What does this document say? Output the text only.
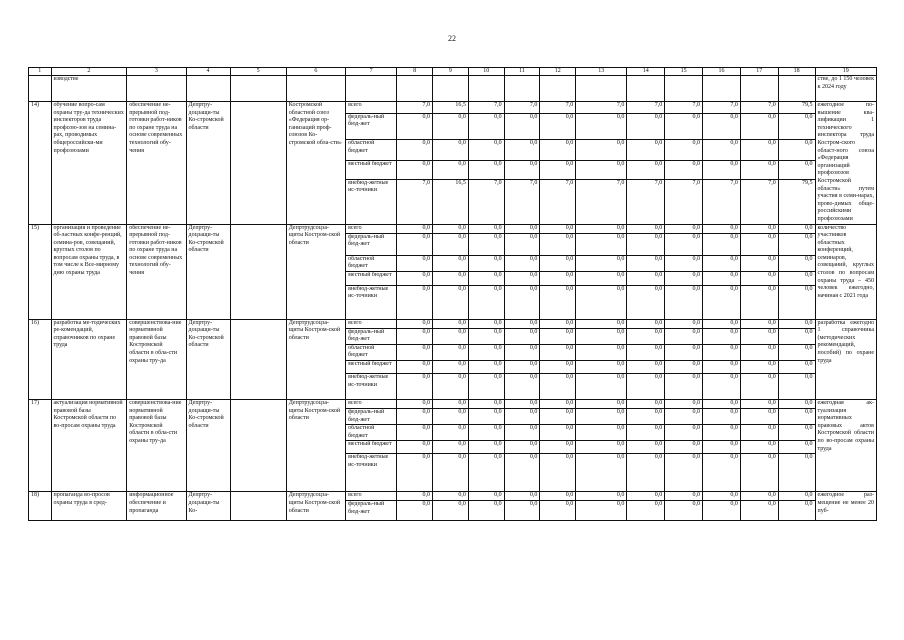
22
1	2	3	4	5	6	7	8	9	10	11	12	13	14	15	16	17	18	19
	изводстве																	стве, до 1 150 человек к 2024 году
14)	обучение вопро-сам охраны тру-да технических инспекторов труда профсою-зов на семина-рах, проводимых общероссийски-ми профсоюзами	обеспечение не-прерывной под-готовки работ-ников по охране труда на основе современных технологий обу-чения	Депртру-доцзащи-ты Ко-стромской области		Костромской областной союз «Федерация ор-ганизаций проф-союзов Ко-стромской обла-сти»	всего	7,0	16,5	7,0	7,0	7,0	7,0	7,0	7,0	7,0	7,0	79,5	ежегодное по-вышение ква-лификации 1 технического инспектора труда Костром-ского област-ного союза «Федерация организаций профсоюзов Костромской области» путем участия в семи-нарах, прово-димых обще-российскими профсоюзами
						федераль-ный бюд-жет	0,0	0,0	0,0	0,0	0,0	0,0	0,0	0,0	0,0	0,0	0,0	
						областной бюджет	0,0	0,0	0,0	0,0	0,0	0,0	0,0	0,0	0,0	0,0	0,0	
						местный бюджет	0,0	0,0	0,0	0,0	0,0	0,0	0,0	0,0	0,0	0,0	0,0	
						внебюд-жетные ис-точники	7,0	16,5	7,0	7,0	7,0	7,0	7,0	7,0	7,0	7,0	79,5	
15)	организация и проведение об-ластных конфе-ренций, семина-ров, совещаний, круглых столов по вопросам охраны труда, в том числе к Все-мирному дню охраны труда	обеспечение не-прерывной под-готовки работ-ников по охране труда на основе современных технологий обу-чения	Депртру-доцзащи-ты Ко-стромской области		Депртрудсоцза-щиты Костром-ской области	всего	0,0	0,0	0,0	0,0	0,0	0,0	0,0	0,0	0,0	0,0	0,0	количество участников областных конференций, семинаров, совещаний, круглых столов по вопросам охраны труда – 450 человек ежегодно, начиная с 2021 года
						федераль-ный бюд-жет	0,0	0,0	0,0	0,0	0,0	0,0	0,0	0,0	0,0	0,0	0,0	
						областной бюджет	0,0	0,0	0,0	0,0	0,0	0,0	0,0	0,0	0,0	0,0	0,0	
						местный бюджет	0,0	0,0	0,0	0,0	0,0	0,0	0,0	0,0	0,0	0,0	0,0	
						внебюд-жетные ис-точники	0,0	0,0	0,0	0,0	0,0	0,0	0,0	0,0	0,0	0,0	0,0	
16)	разработка ме-тодических ре-комендаций, справочников по охране труда	совершенствова-ние нормативной правовой базы Костромской области в обла-сти охраны тру-да	Депртру-доцзащи-ты Ко-стромской области		Депртрудсоцза-щиты Костром-ской области	всего	0,0	0,0	0,0	0,0	0,0	0,0	0,0	0,0	0,0	0,0	0,0	разработка ежегодно 1 справочника (методических рекомендаций, пособий) по охране труда
						федераль-ный бюд-жет	0,0	0,0	0,0	0,0	0,0	0,0	0,0	0,0	0,0	0,0	0,0	
						областной бюджет	0,0	0,0	0,0	0,0	0,0	0,0	0,0	0,0	0,0	0,0	0,0	
						местный бюджет	0,0	0,0	0,0	0,0	0,0	0,0	0,0	0,0	0,0	0,0	0,0	
						внебюд-жетные ис-точники	0,0	0,0	0,0	0,0	0,0	0,0	0,0	0,0	0,0	0,0	0,0	
17)	актуализация нормативной правовой базы Костромской области по во-просам охраны труда	совершенствова-ние нормативной правовой базы Костромской области в обла-сти охраны тру-да	Депртру-доцзащи-ты Ко-стромской области		Депртрудсоцза-щиты Костром-ской области	всего	0,0	0,0	0,0	0,0	0,0	0,0	0,0	0,0	0,0	0,0	0,0	ежегодная ак-туализация нормативных правовых актов Костромской области по во-просам охраны труда
						федераль-ный бюд-жет	0,0	0,0	0,0	0,0	0,0	0,0	0,0	0,0	0,0	0,0	0,0	
						областной бюджет	0,0	0,0	0,0	0,0	0,0	0,0	0,0	0,0	0,0	0,0	0,0	
						местный бюджет	0,0	0,0	0,0	0,0	0,0	0,0	0,0	0,0	0,0	0,0	0,0	
						внебюд-жетные ис-точники	0,0	0,0	0,0	0,0	0,0	0,0	0,0	0,0	0,0	0,0	0,0	
18)	пропаганда во-просов охраны труда в сред-	информационное обеспечение и пропаганда	Депртру-доцзащи-ты Ко-		Депртрудсоцза-щиты Костром-ской области	всего	0,0	0,0	0,0	0,0	0,0	0,0	0,0	0,0	0,0	0,0	0,0	ежегодное раз-мещение не менее 20 пуб-
						федераль-ный бюд-жет	0,0	0,0	0,0	0,0	0,0	0,0	0,0	0,0	0,0	0,0	0,0	
